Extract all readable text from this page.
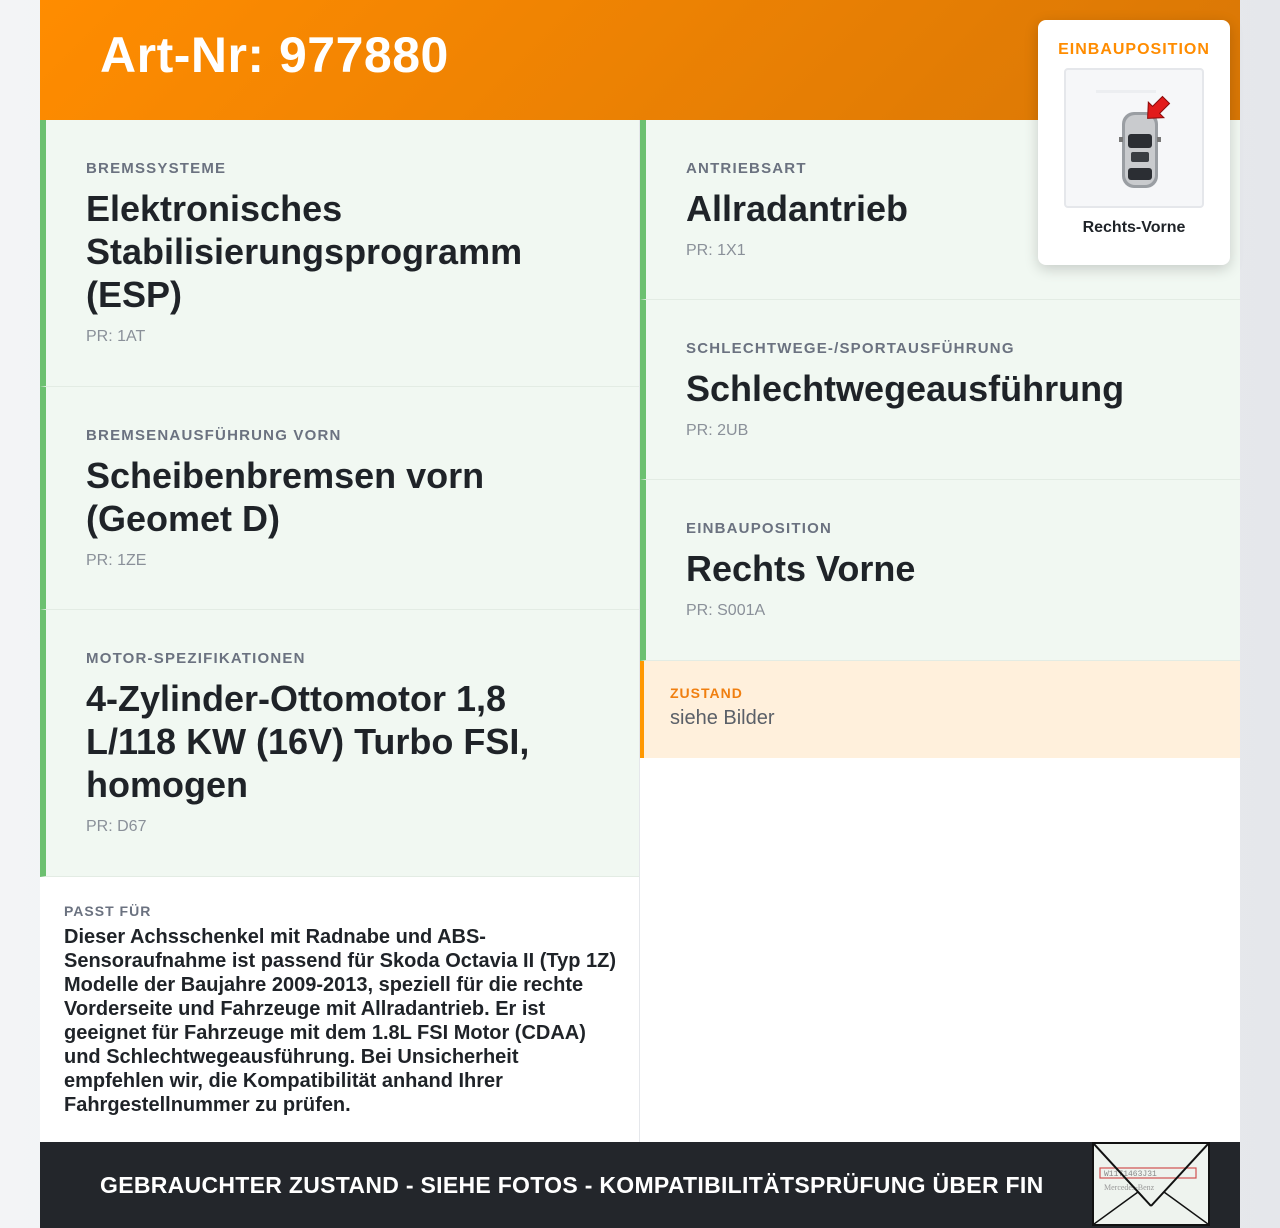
Art-Nr: 977880
BREMSSYSTEME
Elektronisches Stabilisierungsprogramm (ESP)
PR: 1AT
BREMSENAUSFÜHRUNG VORN
Scheibenbremsen vorn (Geomet D)
PR: 1ZE
MOTOR-SPEZIFIKATIONEN
4-Zylinder-Ottomotor 1,8 L/118 KW (16V) Turbo FSI, homogen
PR: D67
PASST FÜR
Dieser Achsschenkel mit Radnabe und ABS-Sensoraufnahme ist passend für Skoda Octavia II (Typ 1Z) Modelle der Baujahre 2009-2013, speziell für die rechte Vorderseite und Fahrzeuge mit Allradantrieb. Er ist geeignet für Fahrzeuge mit dem 1.8L FSI Motor (CDAA) und Schlechtwegeausführung. Bei Unsicherheit empfehlen wir, die Kompatibilität anhand Ihrer Fahrgestellnummer zu prüfen.
ANTRIEBSART
Allradantrieb
PR: 1X1
SCHLECHTWEGE-/SPORTAUSFÜHRUNG
Schlechtwegeausführung
PR: 2UB
EINBAUPOSITION
Rechts Vorne
PR: S001A
ZUSTAND
siehe Bilder
EINBAUPOSITION
Rechts-Vorne
GEBRAUCHTER ZUSTAND - SIEHE FOTOS - KOMPATIBILITÄTSPRÜFUNG ÜBER FIN	W1171463J31
Mercedes-Benz
